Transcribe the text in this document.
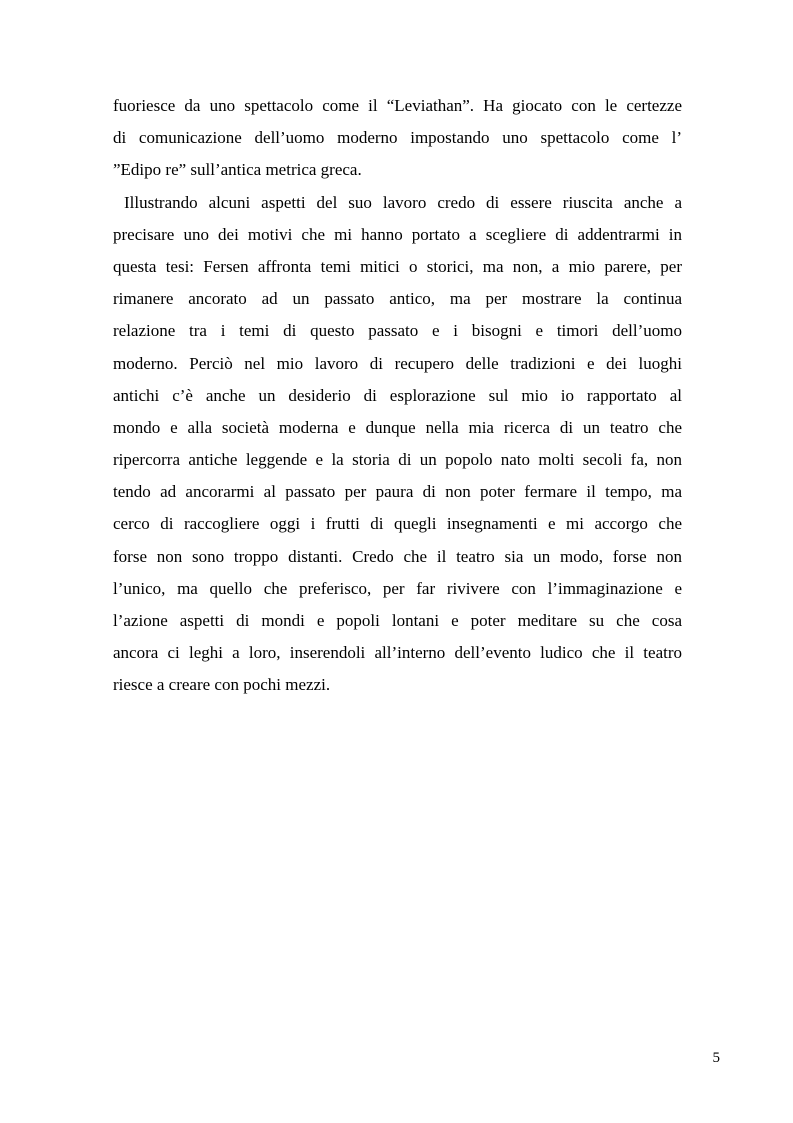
fuoriesce da uno spettacolo come il “Leviathan”. Ha giocato con le certezze
di comunicazione dell’uomo moderno impostando uno spettacolo come l’
”Edipo re” sull’antica metrica greca.
Illustrando alcuni aspetti del suo lavoro credo di essere riuscita anche a
precisare uno dei motivi che mi hanno portato a scegliere di addentrarmi in
questa tesi: Fersen affronta temi mitici o storici, ma non, a mio parere, per
rimanere ancorato ad un passato antico, ma per mostrare la continua
relazione tra i temi di questo passato e i bisogni e timori dell’uomo
moderno. Perciò nel mio lavoro di recupero delle tradizioni e dei luoghi
antichi c’è anche un desiderio di esplorazione sul mio io rapportato al
mondo e alla società moderna e dunque nella mia ricerca di un teatro che
ripercorra antiche leggende e la storia di un popolo nato molti secoli fa, non
tendo ad ancorarmi al passato per paura di non poter fermare il tempo, ma
cerco di raccogliere oggi i frutti di quegli insegnamenti e mi accorgo che
forse non sono troppo distanti. Credo che il teatro sia un modo, forse non
l’unico, ma quello che preferisco, per far rivivere con l’immaginazione e
l’azione aspetti di mondi e popoli lontani e poter meditare su che cosa
ancora ci leghi a loro, inserendoli all’interno dell’evento ludico che il teatro
riesce a creare con pochi mezzi.
5
